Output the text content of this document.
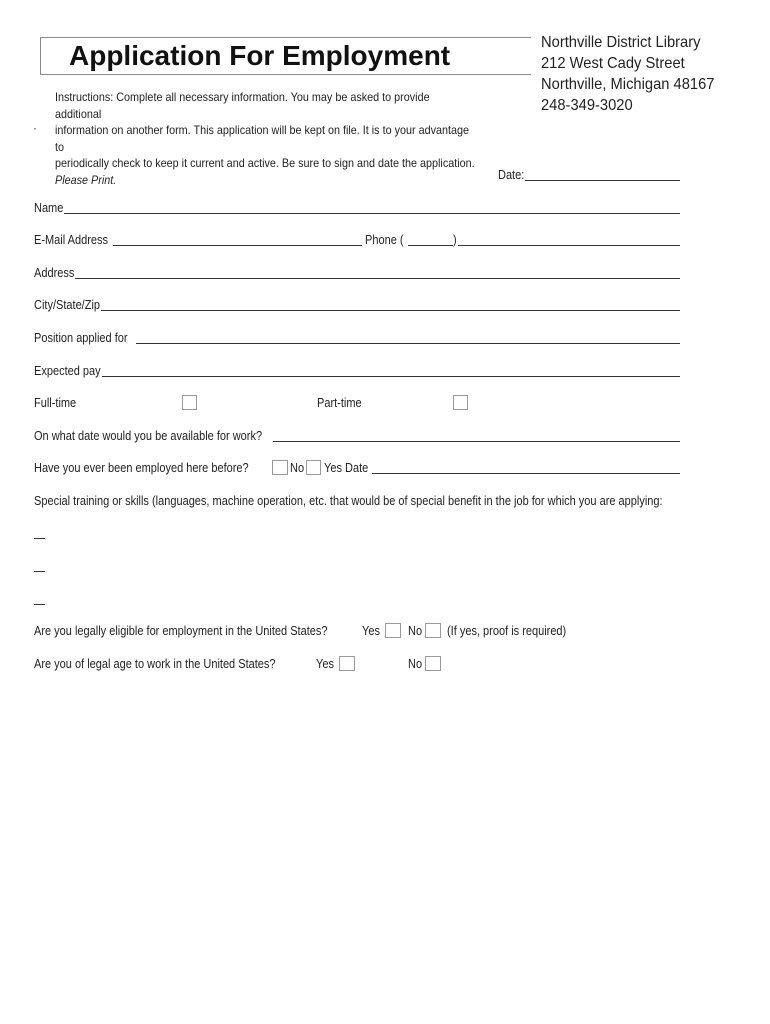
Application For Employment	Northville District Library
212 West Cady Street
Northville, Michigan 48167
248-349-3020
·
Instructions: Complete all necessary information. You may be asked to provide additional
information on another form. This application will be kept on file. It is to your advantage to
periodically check to keep it current and active. Be sure to sign and date the application.
Please Print.	Date:
Name
E-Mail Address	Phone (	)
Address
City/State/Zip
Position applied for
Expected pay
Full-time	Part-time
On what date would you be available for work?
Have you ever been employed here before?	No Yes Date
Special training or skills (languages, machine operation, etc. that would be of special benefit in the job for which you are applying:
Are you legally eligible for employment in the United States?	Yes No (If yes, proof is required)
Are you of legal age to work in the United States?	Yes	No
